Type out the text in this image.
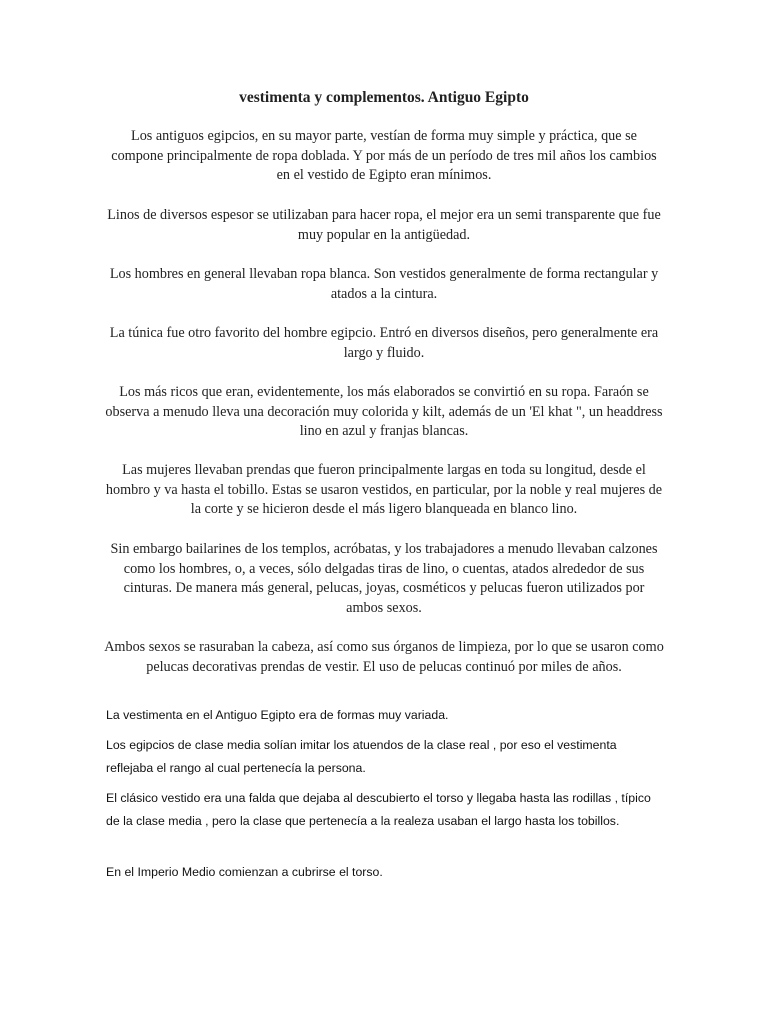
vestimenta y complementos. Antiguo Egipto

Los antiguos egipcios, en su mayor parte, vestían de forma muy simple y práctica, que se compone principalmente de ropa doblada. Y por más de un período de tres mil años los cambios en el vestido de Egipto eran mínimos.

Linos de diversos espesor se utilizaban para hacer ropa, el mejor era un semi transparente que fue muy popular en la antigüedad.

Los hombres en general llevaban ropa blanca. Son vestidos generalmente de forma rectangular y atados a la cintura.

La túnica fue otro favorito del hombre egipcio. Entró en diversos diseños, pero generalmente era largo y fluido.

Los más ricos que eran, evidentemente, los más elaborados se convirtió en su ropa. Faraón se observa a menudo lleva una decoración muy colorida y kilt, además de un 'El khat ", un headdress lino en azul y franjas blancas.

Las mujeres llevaban prendas que fueron principalmente largas en toda su longitud, desde el hombro y va hasta el tobillo. Estas se usaron vestidos, en particular, por la noble y real mujeres de la corte y se hicieron desde el más ligero blanqueada en blanco lino.

Sin embargo bailarines de los templos, acróbatas, y los trabajadores a menudo llevaban calzones como los hombres, o, a veces, sólo delgadas tiras de lino, o cuentas, atados alrededor de sus cinturas. De manera más general, pelucas, joyas, cosméticos y pelucas fueron utilizados por ambos sexos.

Ambos sexos se rasuraban la cabeza, así como sus órganos de limpieza, por lo que se usaron como pelucas decorativas prendas de vestir. El uso de pelucas continuó por miles de años.

La vestimenta en el Antiguo Egipto era de formas muy variada.

Los egipcios de clase media solían imitar los atuendos de la clase real , por eso el vestimenta reflejaba el rango al cual pertenecía la persona.

El clásico vestido era una falda que dejaba al descubierto el torso y llegaba hasta las rodillas , típico de la clase media , pero la clase que pertenecía a la realeza usaban el largo hasta los tobillos.

En el Imperio Medio comienzan a cubrirse el torso.
